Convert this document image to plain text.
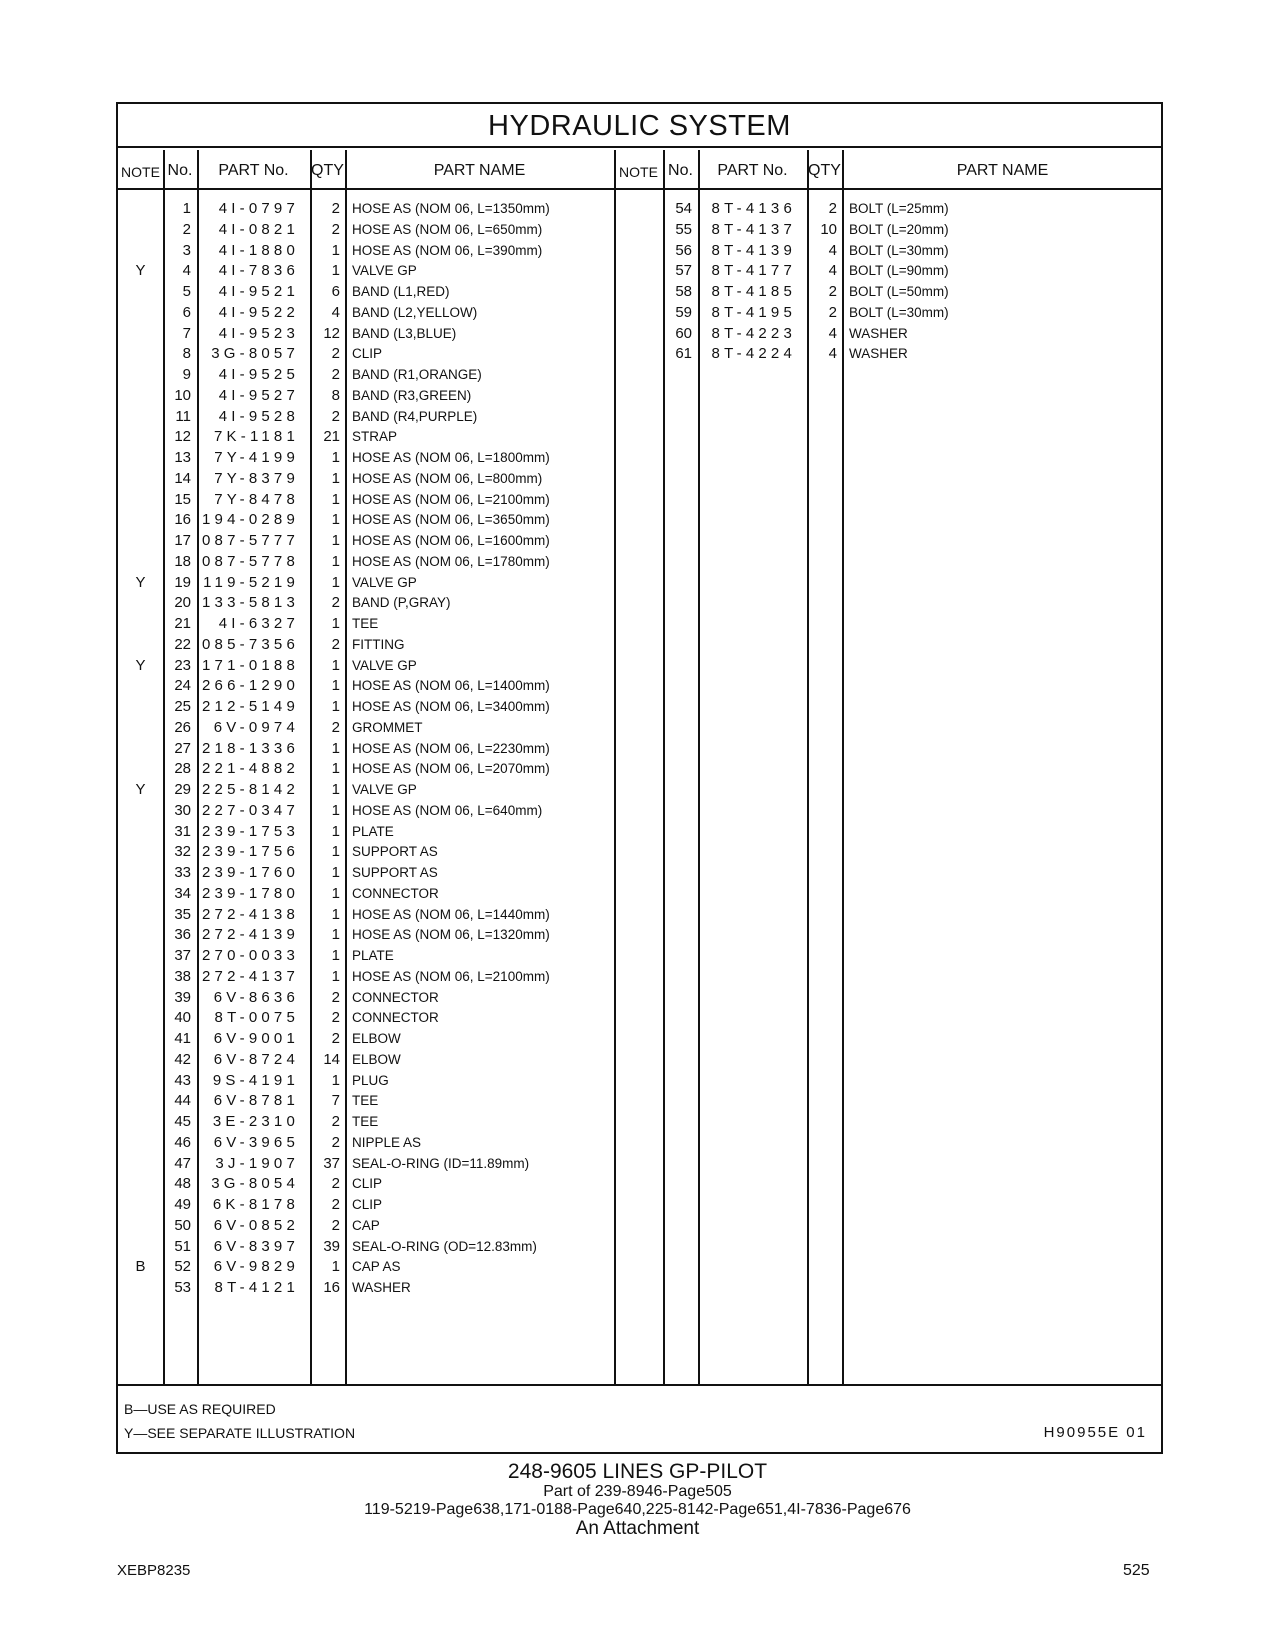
HYDRAULIC SYSTEM
NOTE No.	PART No.	QTY	PART NAME	NOTE No.	PART No.	QTY	PART NAME
1	4I-0797	2 HOSE AS (NOM 06, L=1350mm)
2	4I-0821	2 HOSE AS (NOM 06, L=650mm)
3	4I-1880	1 HOSE AS (NOM 06, L=390mm)
Y	4	4I-7836	1 VALVE GP
5	4I-9521	6 BAND (L1,RED)
6	4I-9522	4 BAND (L2,YELLOW)
7	4I-9523	12 BAND (L3,BLUE)
8	3G-8057	2 CLIP
9	4I-9525	2 BAND (R1,ORANGE)
10	4I-9527	8 BAND (R3,GREEN)
11	4I-9528	2 BAND (R4,PURPLE)
12	7K-1181	21 STRAP
13	7Y-4199	1 HOSE AS (NOM 06, L=1800mm)
14	7Y-8379	1 HOSE AS (NOM 06, L=800mm)
15	7Y-8478	1 HOSE AS (NOM 06, L=2100mm)
16 194-0289	1 HOSE AS (NOM 06, L=3650mm)
17 087-5777	1 HOSE AS (NOM 06, L=1600mm)
18 087-5778	1 HOSE AS (NOM 06, L=1780mm)
Y	19 119-5219	1 VALVE GP
20 133-5813	2 BAND (P,GRAY)
21	4I-6327	1 TEE
22 085-7356	2 FITTING
Y	23 171-0188	1 VALVE GP
24 266-1290	1 HOSE AS (NOM 06, L=1400mm)
25 212-5149	1 HOSE AS (NOM 06, L=3400mm)
26	6V-0974	2 GROMMET
27 218-1336	1 HOSE AS (NOM 06, L=2230mm)
28 221-4882	1 HOSE AS (NOM 06, L=2070mm)
Y	29 225-8142	1 VALVE GP
30 227-0347	1 HOSE AS (NOM 06, L=640mm)
31 239-1753	1 PLATE
32 239-1756	1 SUPPORT AS
33 239-1760	1 SUPPORT AS
34 239-1780	1 CONNECTOR
35 272-4138	1 HOSE AS (NOM 06, L=1440mm)
36 272-4139	1 HOSE AS (NOM 06, L=1320mm)
37 270-0033	1 PLATE
38 272-4137	1 HOSE AS (NOM 06, L=2100mm)
39	6V-8636	2 CONNECTOR
40	8T-0075	2 CONNECTOR
41	6V-9001	2 ELBOW
42	6V-8724	14 ELBOW
43	9S-4191	1 PLUG
44	6V-8781	7 TEE
45	3E-2310	2 TEE
46	6V-3965	2 NIPPLE AS
47	3J-1907	37 SEAL-O-RING (ID=11.89mm)
48	3G-8054	2 CLIP
49	6K-8178	2 CLIP
50	6V-0852	2 CAP
51	6V-8397	39 SEAL-O-RING (OD=12.83mm)
B	52	6V-9829	1 CAP AS
53	8T-4121	16 WASHER
54	8T-4136	2 BOLT (L=25mm)
55	8T-4137	10 BOLT (L=20mm)
56	8T-4139	4 BOLT (L=30mm)
57	8T-4177	4 BOLT (L=90mm)
58	8T-4185	2 BOLT (L=50mm)
59	8T-4195	2 BOLT (L=30mm)
60	8T-4223	4 WASHER
61	8T-4224	4 WASHER
B—USE AS REQUIRED
Y—SEE SEPARATE ILLUSTRATION	H90955E 01
248-9605 LINES GP-PILOT
Part of 239-8946-Page505
119-5219-Page638,171-0188-Page640,225-8142-Page651,4I-7836-Page676
An Attachment
XEBP8235	525
